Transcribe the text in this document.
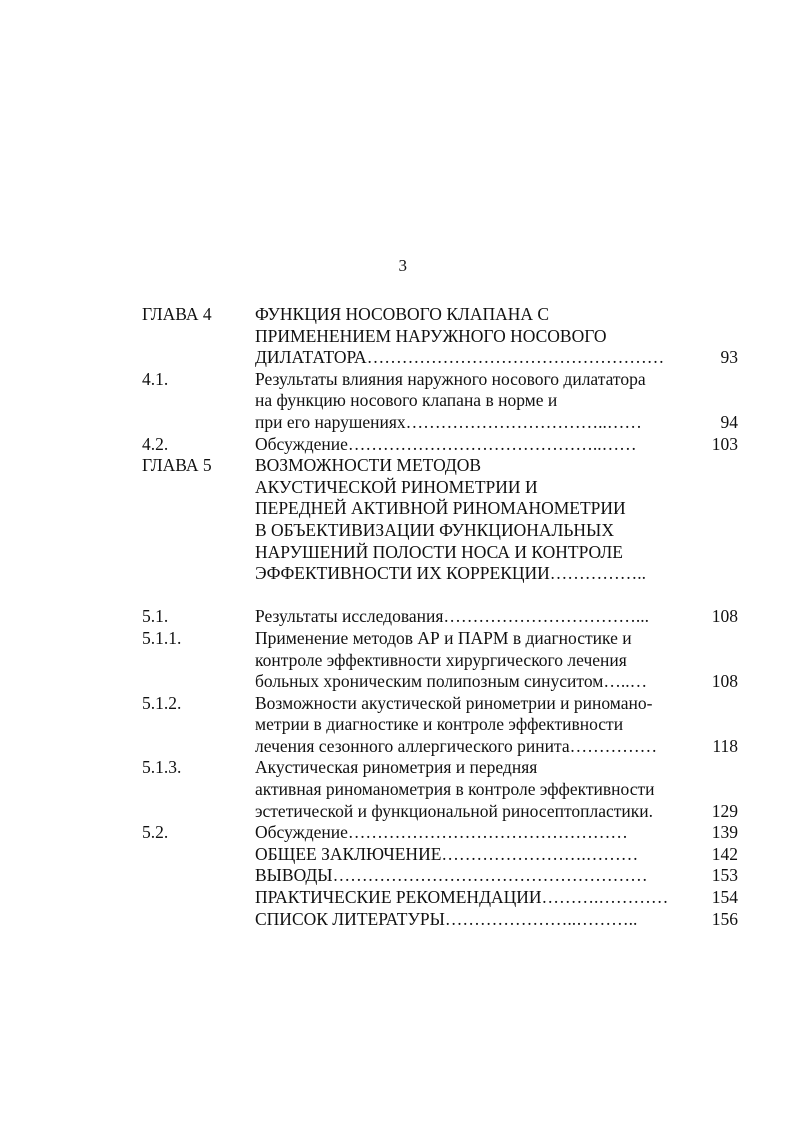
3
ГЛАВА 4	ФУНКЦИЯ НОСОВОГО КЛАПАНА С
ПРИМЕНЕНИЕМ НАРУЖНОГО НОСОВОГО
ДИЛАТАТОРА……………………………………………	93
4.1.	Результаты влияния наружного носового дилататора
на функцию носового клапана в норме и
при его нарушениях……………………………..……	94
4.2.	Обсуждение……………………………………..……	103
ГЛАВА 5	ВОЗМОЖНОСТИ МЕТОДОВ
АКУСТИЧЕСКОЙ РИНОМЕТРИИ И
ПЕРЕДНЕЙ АКТИВНОЙ РИНОМАНОМЕТРИИ
В ОБЪЕКТИВИЗАЦИИ ФУНКЦИОНАЛЬНЫХ
НАРУШЕНИЙ ПОЛОСТИ НОСА И КОНТРОЛЕ
ЭФФЕКТИВНОСТИ ИХ КОРРЕКЦИИ……………..

5.1.	Результаты исследования……………………………...	108
5.1.1.	Применение методов АР и ПАРМ в диагностике и
контроле эффективности хирургического лечения
больных хроническим полипозным синуситом…..…	108
5.1.2.	Возможности акустической ринометрии и риномано-
метрии в диагностике и контроле эффективности
лечения сезонного аллергического ринита……………	118
5.1.3.	Акустическая ринометрия и передняя
активная риноманометрия в контроле эффективности
эстетической и функциональной риносептопластики.	129
5.2.	Обсуждение…………………………………………	139
ОБЩЕЕ ЗАКЛЮЧЕНИЕ…………………….………	142
ВЫВОДЫ………………………………………………	153
ПРАКТИЧЕСКИЕ РЕКОМЕНДАЦИИ……….…………	154
СПИСОК ЛИТЕРАТУРЫ…………………..………..	156
